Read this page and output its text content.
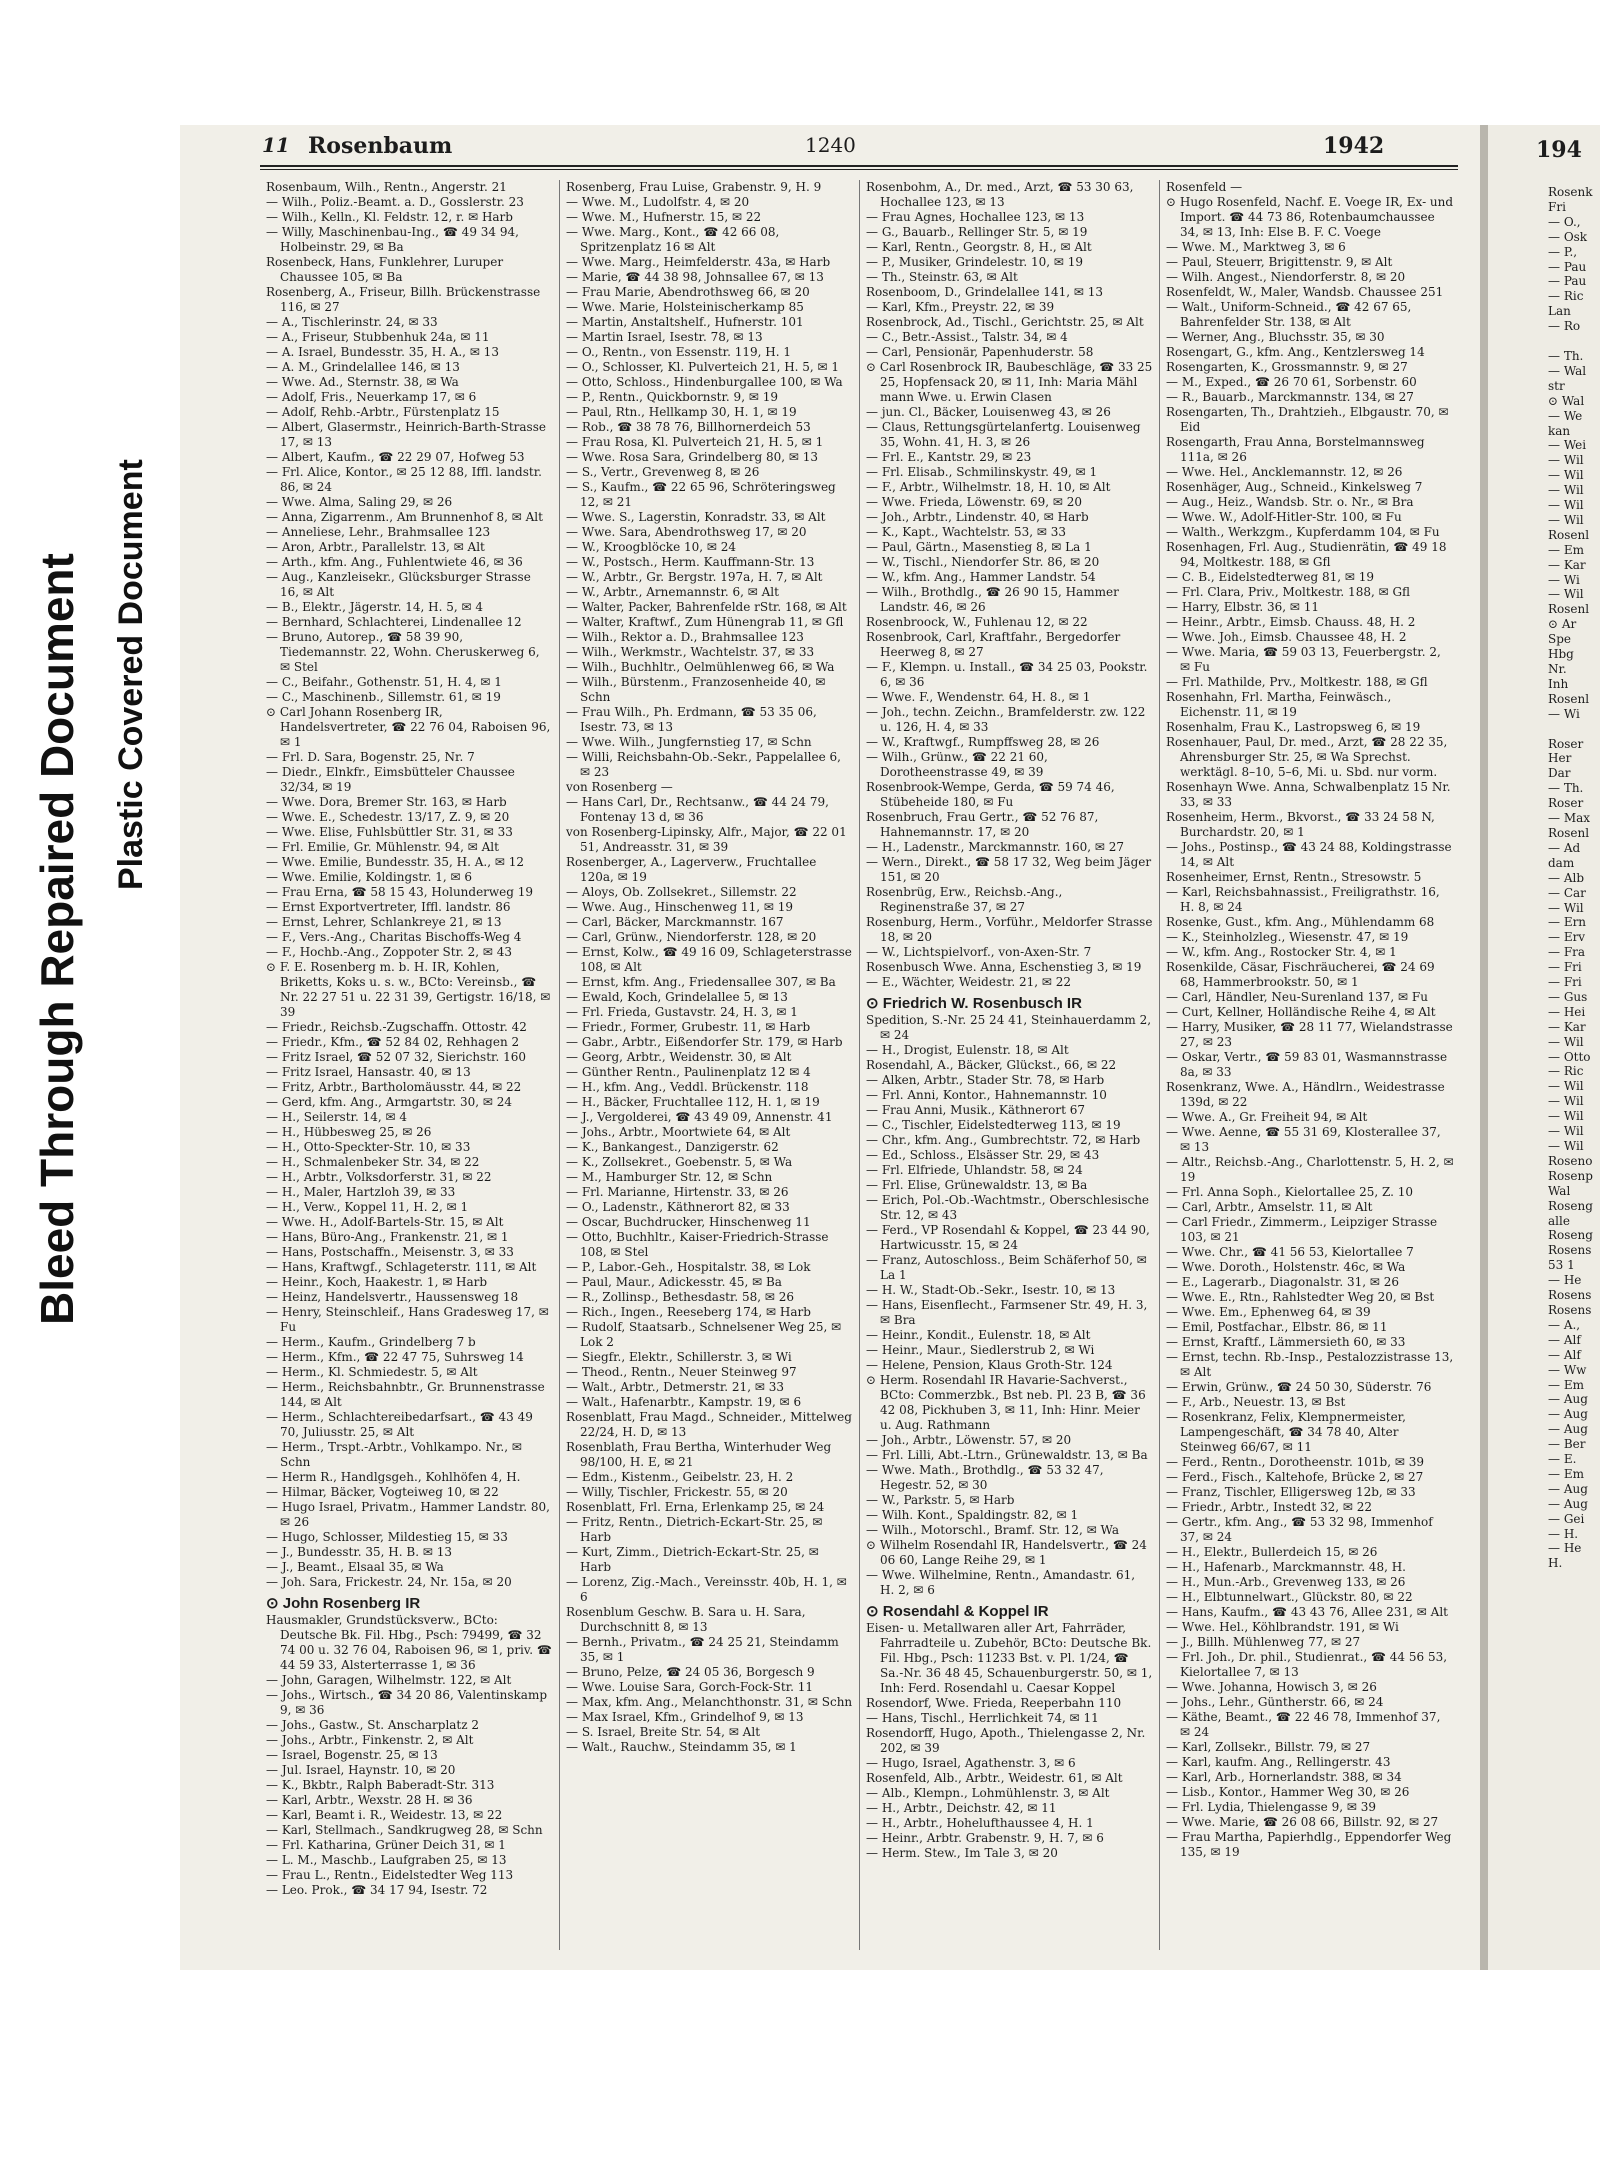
Bleed Through Repaired Document Plastic Covered Document
11 Rosenbaum	1240	1942
Rosenbaum, Wilh., Rentn., Angerstr. 21
— Wilh., Poliz.-Beamt. a. D., Gosslerstr. 23
— Wilh., Kelln., Kl. Feldstr. 12, r. ✉ Harb
— Willy, Maschinenbau-Ing., ☎ 49 34 94, Holbeinstr. 29, ✉ Ba
Rosenbeck, Hans, Funklehrer, Luruper Chaussee 105, ✉ Ba
Rosenberg, A., Friseur, Billh. Brückenstrasse 116, ✉ 27
— A., Tischlerinstr. 24, ✉ 33
— A., Friseur, Stubbenhuk 24a, ✉ 11
— A. Israel, Bundesstr. 35, H. A., ✉ 13
— A. M., Grindelallee 146, ✉ 13
— Wwe. Ad., Sternstr. 38, ✉ Wa
— Adolf, Fris., Neuerkamp 17, ✉ 6
— Adolf, Rehb.-Arbtr., Fürstenplatz 15
— Albert, Glasermstr., Heinrich-Barth-Strasse 17, ✉ 13
— Albert, Kaufm., ☎ 22 29 07, Hofweg 53
— Frl. Alice, Kontor., ✉ 25 12 88, Iffl. landstr. 86, ✉ 24
— Wwe. Alma, Saling 29, ✉ 26
— Anna, Zigarrenm., Am Brunnenhof 8, ✉ Alt
— Anneliese, Lehr., Brahmsallee 123
— Aron, Arbtr., Parallelstr. 13, ✉ Alt
— Arth., kfm. Ang., Fuhlentwiete 46, ✉ 36
— Aug., Kanzleisekr., Glücksburger Strasse 16, ✉ Alt
— B., Elektr., Jägerstr. 14, H. 5, ✉ 4
— Bernhard, Schlachterei, Lindenallee 12
— Bruno, Autorep., ☎ 58 39 90, Tiedemannstr. 22, Wohn. Cheruskerweg 6, ✉ Stel
— C., Beifahr., Gothenstr. 51, H. 4, ✉ 1
— C., Maschinenb., Sillemstr. 61, ✉ 19
⊙ Carl Johann Rosenberg IR, Handelsvertreter, ☎ 22 76 04, Raboisen 96, ✉ 1
— Frl. D. Sara, Bogenstr. 25, Nr. 7
— Diedr., Elnkfr., Eimsbütteler Chaussee 32/34, ✉ 19
— Wwe. Dora, Bremer Str. 163, ✉ Harb
— Wwe. E., Schedestr. 13/17, Z. 9, ✉ 20
— Wwe. Elise, Fuhlsbüttler Str. 31, ✉ 33
— Frl. Emilie, Gr. Mühlenstr. 94, ✉ Alt
— Wwe. Emilie, Bundesstr. 35, H. A., ✉ 12
— Wwe. Emilie, Koldingstr. 1, ✉ 6
— Frau Erna, ☎ 58 15 43, Holunderweg 19
— Ernst Exportvertreter, Iffl. landstr. 86
— Ernst, Lehrer, Schlankreye 21, ✉ 13
— F., Vers.-Ang., Charitas Bischoffs-Weg 4
— F., Hochb.-Ang., Zoppoter Str. 2, ✉ 43
⊙ F. E. Rosenberg m. b. H. IR, Kohlen, Briketts, Koks u. s. w., BCto: Vereinsb., ☎ Nr. 22 27 51 u. 22 31 39, Gertigstr. 16/18, ✉ 39
— Friedr., Reichsb.-Zugschaffn. Ottostr. 42
— Friedr., Kfm., ☎ 52 84 02, Rehhagen 2
— Fritz Israel, ☎ 52 07 32, Sierichstr. 160
— Fritz Israel, Hansastr. 40, ✉ 13
— Fritz, Arbtr., Bartholomäusstr. 44, ✉ 22
— Gerd, kfm. Ang., Armgartstr. 30, ✉ 24
— H., Seilerstr. 14, ✉ 4
— H., Hübbesweg 25, ✉ 26
— H., Otto-Speckter-Str. 10, ✉ 33
— H., Schmalenbeker Str. 34, ✉ 22
— H., Arbtr., Volksdorferstr. 31, ✉ 22
— H., Maler, Hartzloh 39, ✉ 33
— H., Verw., Koppel 11, H. 2, ✉ 1
— Wwe. H., Adolf-Bartels-Str. 15, ✉ Alt
— Hans, Büro-Ang., Frankenstr. 21, ✉ 1
— Hans, Postschaffn., Meisenstr. 3, ✉ 33
— Hans, Kraftwgf., Schlageterstr. 111, ✉ Alt
— Heinr., Koch, Haakestr. 1, ✉ Harb
— Heinz, Handelsvertr., Haussensweg 18
— Henry, Steinschleif., Hans Gradesweg 17, ✉ Fu
— Herm., Kaufm., Grindelberg 7 b
— Herm., Kfm., ☎ 22 47 75, Suhrsweg 14
— Herm., Kl. Schmiedestr. 5, ✉ Alt
— Herm., Reichsbahnbtr., Gr. Brunnenstrasse 144, ✉ Alt
— Herm., Schlachtereibedarfsart., ☎ 43 49 70, Juliusstr. 25, ✉ Alt
— Herm., Trspt.-Arbtr., Vohlkampo. Nr., ✉ Schn
— Herm R., Handlgsgeh., Kohlhöfen 4, H.
— Hilmar, Bäcker, Vogteiweg 10, ✉ 22
— Hugo Israel, Privatm., Hammer Landstr. 80, ✉ 26
— Hugo, Schlosser, Mildestieg 15, ✉ 33
— J., Bundesstr. 35, H. B. ✉ 13
— J., Beamt., Elsaal 35, ✉ Wa
— Joh. Sara, Frickestr. 24, Nr. 15a, ✉ 20
⊙ John Rosenberg IR
Hausmakler, Grundstücksverw., BCto: Deutsche Bk. Fil. Hbg., Psch: 79499, ☎ 32 74 00 u. 32 76 04, Raboisen 96, ✉ 1, priv. ☎ 44 59 33, Alsterterrasse 1, ✉ 36
— John, Garagen, Wilhelmstr. 122, ✉ Alt
— Johs., Wirtsch., ☎ 34 20 86, Valentinskamp 9, ✉ 36
— Johs., Gastw., St. Anscharplatz 2
— Johs., Arbtr., Finkenstr. 2, ✉ Alt
— Israel, Bogenstr. 25, ✉ 13
— Jul. Israel, Haynstr. 10, ✉ 20
— K., Bkbtr., Ralph Baberadt-Str. 313
— Karl, Arbtr., Wexstr. 28 H. ✉ 36
— Karl, Beamt i. R., Weidestr. 13, ✉ 22
— Karl, Stellmach., Sandkrugweg 28, ✉ Schn
— Frl. Katharina, Grüner Deich 31, ✉ 1
— L. M., Maschb., Laufgraben 25, ✉ 13
— Frau L., Rentn., Eidelstedter Weg 113
— Leo. Prok., ☎ 34 17 94, Isestr. 72
Rosenberg, Frau Luise, Grabenstr. 9, H. 9
— Wwe. M., Ludolfstr. 4, ✉ 20
— Wwe. M., Hufnerstr. 15, ✉ 22
— Wwe. Marg., Kont., ☎ 42 66 08, Spritzenplatz 16 ✉ Alt
— Wwe. Marg., Heimfelderstr. 43a, ✉ Harb
— Marie, ☎ 44 38 98, Johnsallee 67, ✉ 13
— Frau Marie, Abendrothsweg 66, ✉ 20
— Wwe. Marie, Holsteinischerkamp 85
— Martin, Anstaltshelf., Hufnerstr. 101
— Martin Israel, Isestr. 78, ✉ 13
— O., Rentn., von Essenstr. 119, H. 1
— O., Schlosser, Kl. Pulverteich 21, H. 5, ✉ 1
— Otto, Schloss., Hindenburgallee 100, ✉ Wa
— P., Rentn., Quickbornstr. 9, ✉ 19
— Paul, Rtn., Hellkamp 30, H. 1, ✉ 19
— Rob., ☎ 38 78 76, Billhornerdeich 53
— Frau Rosa, Kl. Pulverteich 21, H. 5, ✉ 1
— Wwe. Rosa Sara, Grindelberg 80, ✉ 13
— S., Vertr., Grevenweg 8, ✉ 26
— S., Kaufm., ☎ 22 65 96, Schröteringsweg 12, ✉ 21
— Wwe. S., Lagerstin, Konradstr. 33, ✉ Alt
— Wwe. Sara, Abendrothsweg 17, ✉ 20
— W., Kroogblöcke 10, ✉ 24
— W., Postsch., Herm. Kauffmann-Str. 13
— W., Arbtr., Gr. Bergstr. 197a, H. 7, ✉ Alt
— W., Arbtr., Arnemannstr. 6, ✉ Alt
— Walter, Packer, Bahrenfelde rStr. 168, ✉ Alt
— Walter, Kraftwf., Zum Hünengrab 11, ✉ Gfl
— Wilh., Rektor a. D., Brahmsallee 123
— Wilh., Werkmstr., Wachtelstr. 37, ✉ 33
— Wilh., Buchhltr., Oelmühlenweg 66, ✉ Wa
— Wilh., Bürstenm., Franzosenheide 40, ✉ Schn
— Frau Wilh., Ph. Erdmann, ☎ 53 35 06, Isestr. 73, ✉ 13
— Wwe. Wilh., Jungfernstieg 17, ✉ Schn
— Willi, Reichsbahn-Ob.-Sekr., Pappelallee 6, ✉ 23
von Rosenberg —
— Hans Carl, Dr., Rechtsanw., ☎ 44 24 79, Fontenay 13 d, ✉ 36
von Rosenberg-Lipinsky, Alfr., Major, ☎ 22 01 51, Andreasstr. 31, ✉ 39
Rosenberger, A., Lagerverw., Fruchtallee 120a, ✉ 19
— Aloys, Ob. Zollsekret., Sillemstr. 22
— Wwe. Aug., Hinschenweg 11, ✉ 19
— Carl, Bäcker, Marckmannstr. 167
— Carl, Grünw., Niendorferstr. 128, ✉ 20
— Ernst, Kolw., ☎ 49 16 09, Schlageterstrasse 108, ✉ Alt
— Ernst, kfm. Ang., Friedensallee 307, ✉ Ba
— Ewald, Koch, Grindelallee 5, ✉ 13
— Frl. Frieda, Gustavstr. 24, H. 3, ✉ 1
— Friedr., Former, Grubestr. 11, ✉ Harb
— Gabr., Arbtr., Eißendorfer Str. 179, ✉ Harb
— Georg, Arbtr., Weidenstr. 30, ✉ Alt
— Günther Rentn., Paulinenplatz 12 ✉ 4
— H., kfm. Ang., Veddl. Brückenstr. 118
— H., Bäcker, Fruchtallee 112, H. 1, ✉ 19
— J., Vergolderei, ☎ 43 49 09, Annenstr. 41
— Johs., Arbtr., Moortwiete 64, ✉ Alt
— K., Bankangest., Danzigerstr. 62
— K., Zollsekret., Goebenstr. 5, ✉ Wa
— M., Hamburger Str. 12, ✉ Schn
— Frl. Marianne, Hirtenstr. 33, ✉ 26
— O., Ladenstr., Käthnerort 82, ✉ 33
— Oscar, Buchdrucker, Hinschenweg 11
— Otto, Buchhltr., Kaiser-Friedrich-Strasse 108, ✉ Stel
— P., Labor.-Geh., Hospitalstr. 38, ✉ Lok
— Paul, Maur., Adickesstr. 45, ✉ Ba
— R., Zollinsp., Bethesdastr. 58, ✉ 26
— Rich., Ingen., Reeseberg 174, ✉ Harb
— Rudolf, Staatsarb., Schnelsener Weg 25, ✉ Lok 2
— Siegfr., Elektr., Schillerstr. 3, ✉ Wi
— Theod., Rentn., Neuer Steinweg 97
— Walt., Arbtr., Detmerstr. 21, ✉ 33
— Walt., Hafenarbtr., Kampstr. 19, ✉ 6
Rosenblatt, Frau Magd., Schneider., Mittelweg 22/24, H. D, ✉ 13
Rosenblath, Frau Bertha, Winterhuder Weg 98/100, H. E, ✉ 21
— Edm., Kistenm., Geibelstr. 23, H. 2
— Willy, Tischler, Frickestr. 55, ✉ 20
Rosenblatt, Frl. Erna, Erlenkamp 25, ✉ 24
— Fritz, Rentn., Dietrich-Eckart-Str. 25, ✉ Harb
— Kurt, Zimm., Dietrich-Eckart-Str. 25, ✉ Harb
— Lorenz, Zig.-Mach., Vereinsstr. 40b, H. 1, ✉ 6
Rosenblum Geschw. B. Sara u. H. Sara, Durchschnitt 8, ✉ 13
— Bernh., Privatm., ☎ 24 25 21, Steindamm 35, ✉ 1
— Bruno, Pelze, ☎ 24 05 36, Borgesch 9
— Wwe. Louise Sara, Gorch-Fock-Str. 11
— Max, kfm. Ang., Melanchthonstr. 31, ✉ Schn
— Max Israel, Kfm., Grindelhof 9, ✉ 13
— S. Israel, Breite Str. 54, ✉ Alt
— Walt., Rauchw., Steindamm 35, ✉ 1
Rosenbohm, A., Dr. med., Arzt, ☎ 53 30 63, Hochallee 123, ✉ 13
— Frau Agnes, Hochallee 123, ✉ 13
— G., Bauarb., Rellinger Str. 5, ✉ 19
— Karl, Rentn., Georgstr. 8, H., ✉ Alt
— P., Musiker, Grindelestr. 10, ✉ 19
— Th., Steinstr. 63, ✉ Alt
Rosenboom, D., Grindelallee 141, ✉ 13
— Karl, Kfm., Preystr. 22, ✉ 39
Rosenbrock, Ad., Tischl., Gerichtstr. 25, ✉ Alt
— C., Betr.-Assist., Talstr. 34, ✉ 4
— Carl, Pensionär, Papenhuderstr. 58
⊙ Carl Rosenbrock IR, Baubeschläge, ☎ 33 25 25, Hopfensack 20, ✉ 11, Inh: Maria Mähl mann Wwe. u. Erwin Clasen
— jun. Cl., Bäcker, Louisenweg 43, ✉ 26
— Claus, Rettungsgürtelanfertg. Louisenweg 35, Wohn. 41, H. 3, ✉ 26
— Frl. E., Kantstr. 29, ✉ 23
— Frl. Elisab., Schmilinskystr. 49, ✉ 1
— F., Arbtr., Wilhelmstr. 18, H. 10, ✉ Alt
— Wwe. Frieda, Löwenstr. 69, ✉ 20
— Joh., Arbtr., Lindenstr. 40, ✉ Harb
— K., Kapt., Wachtelstr. 53, ✉ 33
— Paul, Gärtn., Masenstieg 8, ✉ La 1
— W., Tischl., Niendorfer Str. 86, ✉ 20
— W., kfm. Ang., Hammer Landstr. 54
— Wilh., Brothdlg., ☎ 26 90 15, Hammer Landstr. 46, ✉ 26
Rosenbroock, W., Fuhlenau 12, ✉ 22
Rosenbrook, Carl, Kraftfahr., Bergedorfer Heerweg 8, ✉ 27
— F., Klempn. u. Install., ☎ 34 25 03, Pookstr. 6, ✉ 36
— Wwe. F., Wendenstr. 64, H. 8., ✉ 1
— Joh., techn. Zeichn., Bramfelderstr. zw. 122 u. 126, H. 4, ✉ 33
— W., Kraftwgf., Rumpffsweg 28, ✉ 26
— Wilh., Grünw., ☎ 22 21 60, Dorotheenstrasse 49, ✉ 39
Rosenbrook-Wempe, Gerda, ☎ 59 74 46, Stübeheide 180, ✉ Fu
Rosenbruch, Frau Gertr., ☎ 52 76 87, Hahnemannstr. 17, ✉ 20
— H., Ladenstr., Marckmannstr. 160, ✉ 27
— Wern., Direkt., ☎ 58 17 32, Weg beim Jäger 151, ✉ 20
Rosenbrüg, Erw., Reichsb.-Ang., Reginenstraße 37, ✉ 27
Rosenburg, Herm., Vorführ., Meldorfer Strasse 18, ✉ 20
— W., Lichtspielvorf., von-Axen-Str. 7
Rosenbusch Wwe. Anna, Eschenstieg 3, ✉ 19
— E., Wächter, Weidestr. 21, ✉ 22
⊙ Friedrich W. Rosenbusch IR
Spedition, S.-Nr. 25 24 41, Steinhauerdamm 2, ✉ 24
— H., Drogist, Eulenstr. 18, ✉ Alt
Rosendahl, A., Bäcker, Glückst., 66, ✉ 22
— Alken, Arbtr., Stader Str. 78, ✉ Harb
— Frl. Anni, Kontor., Hahnemannstr. 10
— Frau Anni, Musik., Käthnerort 67
— C., Tischler, Eidelstedterweg 113, ✉ 19
— Chr., kfm. Ang., Gumbrechtstr. 72, ✉ Harb
— Ed., Schloss., Elsässer Str. 29, ✉ 43
— Frl. Elfriede, Uhlandstr. 58, ✉ 24
— Frl. Elise, Grünewaldstr. 13, ✉ Ba
— Erich, Pol.-Ob.-Wachtmstr., Oberschlesische Str. 12, ✉ 43
— Ferd., VP Rosendahl & Koppel, ☎ 23 44 90, Hartwicusstr. 15, ✉ 24
— Franz, Autoschloss., Beim Schäferhof 50, ✉ La 1
— H. W., Stadt-Ob.-Sekr., Isestr. 10, ✉ 13
— Hans, Eisenflecht., Farmsener Str. 49, H. 3, ✉ Bra
— Heinr., Kondit., Eulenstr. 18, ✉ Alt
— Heinr., Maur., Siedlerstrub 2, ✉ Wi
— Helene, Pension, Klaus Groth-Str. 124
⊙ Herm. Rosendahl IR Havarie-Sachverst., BCto: Commerzbk., Bst neb. Pl. 23 B, ☎ 36 42 08, Pickhuben 3, ✉ 11, Inh: Hinr. Meier u. Aug. Rathmann
— Joh., Arbtr., Löwenstr. 57, ✉ 20
— Frl. Lilli, Abt.-Ltrn., Grünewaldstr. 13, ✉ Ba
— Wwe. Math., Brothdlg., ☎ 53 32 47, Hegestr. 52, ✉ 30
— W., Parkstr. 5, ✉ Harb
— Wilh. Kont., Spaldingstr. 82, ✉ 1
— Wilh., Motorschl., Bramf. Str. 12, ✉ Wa
⊙ Wilhelm Rosendahl IR, Handelsvertr., ☎ 24 06 60, Lange Reihe 29, ✉ 1
— Wwe. Wilhelmine, Rentn., Amandastr. 61, H. 2, ✉ 6
⊙ Rosendahl & Koppel IR
Eisen- u. Metallwaren aller Art, Fahrräder, Fahrradteile u. Zubehör, BCto: Deutsche Bk. Fil. Hbg., Psch: 11233 Bst. v. Pl. 1/24, ☎ Sa.-Nr. 36 48 45, Schauenburgerstr. 50, ✉ 1, Inh: Ferd. Rosendahl u. Caesar Koppel
Rosendorf, Wwe. Frieda, Reeperbahn 110
— Hans, Tischl., Herrlichkeit 74, ✉ 11
Rosendorff, Hugo, Apoth., Thielengasse 2, Nr. 202, ✉ 39
— Hugo, Israel, Agathenstr. 3, ✉ 6
Rosenfeld, Alb., Arbtr., Weidestr. 61, ✉ Alt
— Alb., Klempn., Lohmühlenstr. 3, ✉ Alt
— H., Arbtr., Deichstr. 42, ✉ 11
— H., Arbtr., Hohelufthaussee 4, H. 1
— Heinr., Arbtr. Grabenstr. 9, H. 7, ✉ 6
— Herm. Stew., Im Tale 3, ✉ 20
Rosenfeld —
⊙ Hugo Rosenfeld, Nachf. E. Voege IR, Ex- und Import. ☎ 44 73 86, Rotenbaumchaussee 34, ✉ 13, Inh: Else B. F. C. Voege
— Wwe. M., Marktweg 3, ✉ 6
— Paul, Steuerr, Brigittenstr. 9, ✉ Alt
— Wilh. Angest., Niendorferstr. 8, ✉ 20
Rosenfeldt, W., Maler, Wandsb. Chaussee 251
— Walt., Uniform-Schneid., ☎ 42 67 65, Bahrenfelder Str. 138, ✉ Alt
— Werner, Ang., Bluchsstr. 35, ✉ 30
Rosengart, G., kfm. Ang., Kentzlersweg 14
Rosengarten, K., Grossmannstr. 9, ✉ 27
— M., Exped., ☎ 26 70 61, Sorbenstr. 60
— R., Bauarb., Marckmannstr. 134, ✉ 27
Rosengarten, Th., Drahtzieh., Elbgaustr. 70, ✉ Eid
Rosengarth, Frau Anna, Borstelmannsweg 111a, ✉ 26
— Wwe. Hel., Ancklemannstr. 12, ✉ 26
Rosenhäger, Aug., Schneid., Kinkelsweg 7
— Aug., Heiz., Wandsb. Str. o. Nr., ✉ Bra
— Wwe. W., Adolf-Hitler-Str. 100, ✉ Fu
— Walth., Werkzgm., Kupferdamm 104, ✉ Fu
Rosenhagen, Frl. Aug., Studienrätin, ☎ 49 18 94, Moltkestr. 188, ✉ Gfl
— C. B., Eidelstedterweg 81, ✉ 19
— Frl. Clara, Priv., Moltkestr. 188, ✉ Gfl
— Harry, Elbstr. 36, ✉ 11
— Heinr., Arbtr., Eimsb. Chauss. 48, H. 2
— Wwe. Joh., Eimsb. Chaussee 48, H. 2
— Wwe. Maria, ☎ 59 03 13, Feuerbergstr. 2, ✉ Fu
— Frl. Mathilde, Prv., Moltkestr. 188, ✉ Gfl
Rosenhahn, Frl. Martha, Feinwäsch., Eichenstr. 11, ✉ 19
Rosenhalm, Frau K., Lastropsweg 6, ✉ 19
Rosenhauer, Paul, Dr. med., Arzt, ☎ 28 22 35, Ahrensburger Str. 25, ✉ Wa Sprechst. werktägl. 8–10, 5–6, Mi. u. Sbd. nur vorm.
Rosenhayn Wwe. Anna, Schwalbenplatz 15 Nr. 33, ✉ 33
Rosenheim, Herm., Bkvorst., ☎ 33 24 58 N, Burchardstr. 20, ✉ 1
— Johs., Postinsp., ☎ 43 24 88, Koldingstrasse 14, ✉ Alt
Rosenheimer, Ernst, Rentn., Stresowstr. 5
— Karl, Reichsbahnassist., Freiligrathstr. 16, H. 8, ✉ 24
Rosenke, Gust., kfm. Ang., Mühlendamm 68
— K., Steinholzleg., Wiesenstr. 47, ✉ 19
— W., kfm. Ang., Rostocker Str. 4, ✉ 1
Rosenkilde, Cäsar, Fischräucherei, ☎ 24 69 68, Hammerbrookstr. 50, ✉ 1
— Carl, Händler, Neu-Surenland 137, ✉ Fu
— Curt, Kellner, Holländische Reihe 4, ✉ Alt
— Harry, Musiker, ☎ 28 11 77, Wielandstrasse 27, ✉ 23
— Oskar, Vertr., ☎ 59 83 01, Wasmannstrasse 8a, ✉ 33
Rosenkranz, Wwe. A., Händlrn., Weidestrasse 139d, ✉ 22
— Wwe. A., Gr. Freiheit 94, ✉ Alt
— Wwe. Aenne, ☎ 55 31 69, Klosterallee 37, ✉ 13
— Altr., Reichsb.-Ang., Charlottenstr. 5, H. 2, ✉ 19
— Frl. Anna Soph., Kielortallee 25, Z. 10
— Carl, Arbtr., Amselstr. 11, ✉ Alt
— Carl Friedr., Zimmerm., Leipziger Strasse 103, ✉ 21
— Wwe. Chr., ☎ 41 56 53, Kielortallee 7
— Wwe. Doroth., Holstenstr. 46c, ✉ Wa
— E., Lagerarb., Diagonalstr. 31, ✉ 26
— Wwe. E., Rtn., Rahlstedter Weg 20, ✉ Bst
— Wwe. Em., Ephenweg 64, ✉ 39
— Emil, Postfachar., Elbstr. 86, ✉ 11
— Ernst, Kraftf., Lämmersieth 60, ✉ 33
— Ernst, techn. Rb.-Insp., Pestalozzistrasse 13, ✉ Alt
— Erwin, Grünw., ☎ 24 50 30, Süderstr. 76
— F., Arb., Neuestr. 13, ✉ Bst
— Rosenkranz, Felix, Klempnermeister, Lampengeschäft, ☎ 34 78 40, Alter Steinweg 66/67, ✉ 11
— Ferd., Rentn., Dorotheenstr. 101b, ✉ 39
— Ferd., Fisch., Kaltehofe, Brücke 2, ✉ 27
— Franz, Tischler, Elligersweg 12b, ✉ 33
— Friedr., Arbtr., Instedt 32, ✉ 22
— Gertr., kfm. Ang., ☎ 53 32 98, Immenhof 37, ✉ 24
— H., Elektr., Bullerdeich 15, ✉ 26
— H., Hafenarb., Marckmannstr. 48, H.
— H., Mun.-Arb., Grevenweg 133, ✉ 26
— H., Elbtunnelwart., Glückstr. 80, ✉ 22
— Hans, Kaufm., ☎ 43 43 76, Allee 231, ✉ Alt
— Wwe. Hel., Köhlbrandstr. 191, ✉ Wi
— J., Billh. Mühlenweg 77, ✉ 27
— Frl. Joh., Dr. phil., Studienrat., ☎ 44 56 53, Kielortallee 7, ✉ 13
— Wwe. Johanna, Howisch 3, ✉ 26
— Johs., Lehr., Güntherstr. 66, ✉ 24
— Käthe, Beamt., ☎ 22 46 78, Immenhof 37, ✉ 24
— Karl, Zollsekr., Billstr. 79, ✉ 27
— Karl, kaufm. Ang., Rellingerstr. 43
— Karl, Arb., Hornerlandstr. 388, ✉ 34
— Lisb., Kontor., Hammer Weg 30, ✉ 26
— Frl. Lydia, Thielengasse 9, ✉ 39
— Wwe. Marie, ☎ 26 08 66, Billstr. 92, ✉ 27
— Frau Martha, Papierhdlg., Eppendorfer Weg 135, ✉ 19
194
Rosenk
Fri
— O.,
— Osk
— P.,
— Pau
— Pau
— Ric
Lan
— Ro

— Th.
— Wal
str
⊙ Wal
— We
kan
— Wei
— Wil
— Wil
— Wil
— Wil
— Wil
Rosenl
— Em
— Kar
— Wi
— Wil
Rosenl
⊙ Ar
Spe
Hbg
Nr.
Inh
Rosenl
— Wi

Roser
Her
Dar
— Th.
Roser
— Max
Rosenl
— Ad
dam
— Alb
— Car
— Wil
— Ern
— Erv
— Fra
— Fri
— Fri
— Gus
— Hei
— Kar
— Wil
— Otto
— Ric
— Wil
— Wil
— Wil
— Wil
— Wil
Roseno
Rosenp
Wal
Roseng
alle
Roseng
Rosens
53 1
— He
Rosens
Rosens
— A.,
— Alf
— Alf
— Ww
— Em
— Aug
— Aug
— Aug
— Ber
— E.
— Em
— Aug
— Aug
— Gei
— H.
— He
H.
